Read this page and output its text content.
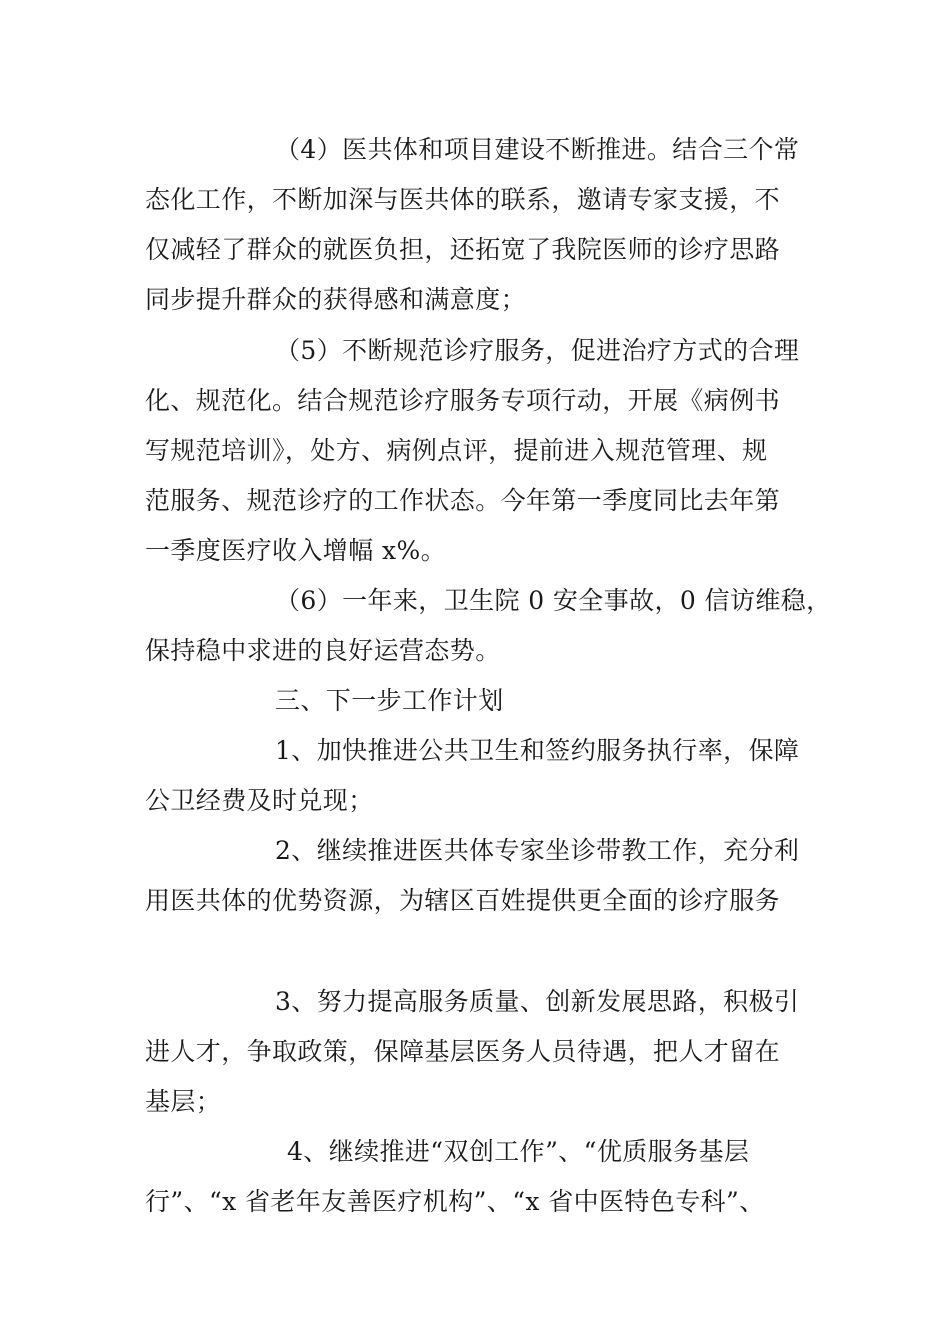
（4）医共体和项目建设不断推进。结合三个常
态化工作，不断加深与医共体的联系，邀请专家支援，不
仅减轻了群众的就医负担，还拓宽了我院医师的诊疗思路
同步提升群众的获得感和满意度；
（5）不断规范诊疗服务，促进治疗方式的合理
化、规范化。结合规范诊疗服务专项行动，开展《病例书
写规范培训》，处方、病例点评，提前进入规范管理、规
范服务、规范诊疗的工作状态。今年第一季度同比去年第
一季度医疗收入增幅 x%。
（6）一年来，卫生院 0 安全事故，0 信访维稳，
保持稳中求进的良好运营态势。
三、下一步工作计划
1、加快推进公共卫生和签约服务执行率，保障
公卫经费及时兑现；
2、继续推进医共体专家坐诊带教工作，充分利
用医共体的优势资源，为辖区百姓提供更全面的诊疗服务
3、努力提高服务质量、创新发展思路，积极引
进人才，争取政策，保障基层医务人员待遇，把人才留在
基层；
4、继续推进“双创工作”、“优质服务基层
行”、“x 省老年友善医疗机构”、“x 省中医特色专科”、
